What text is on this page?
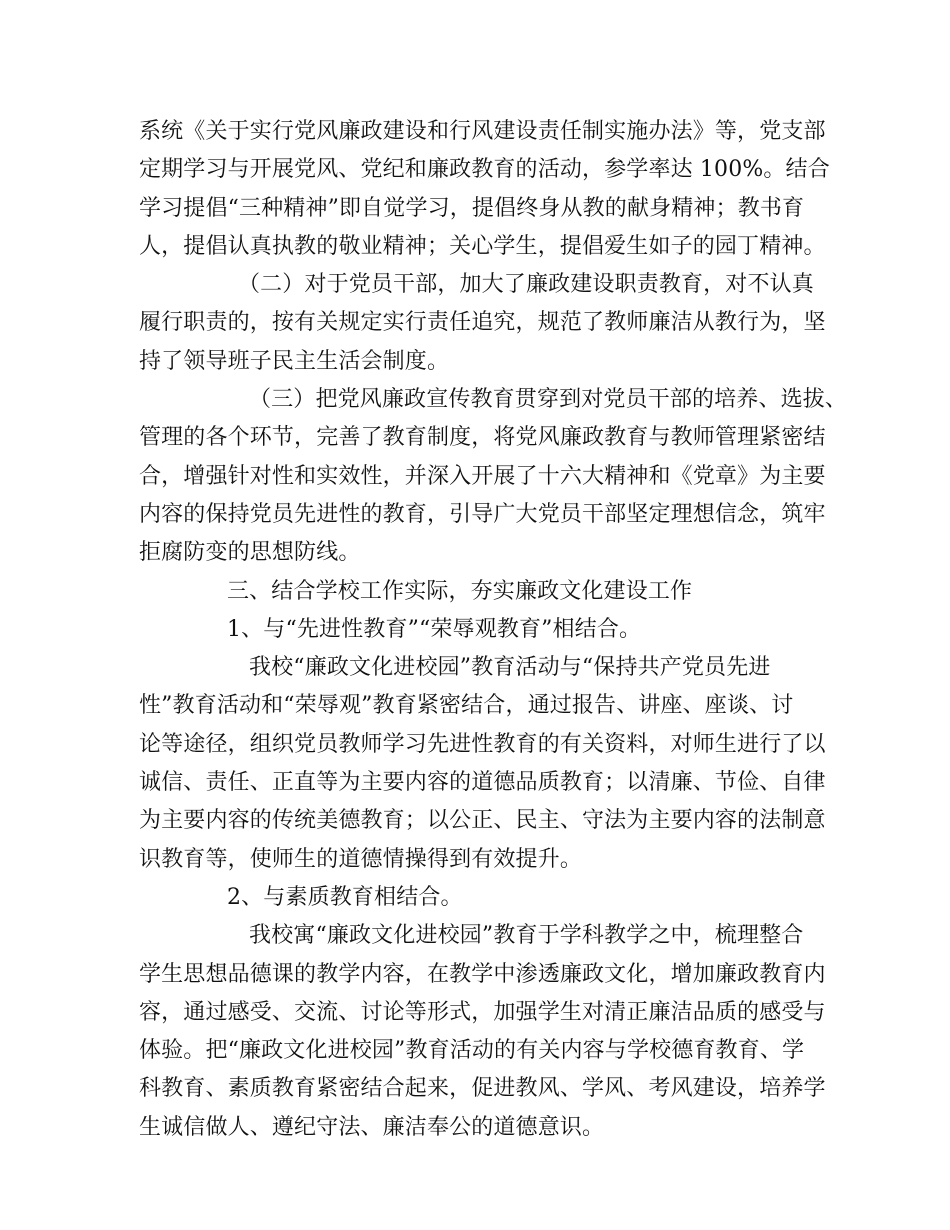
系统《关于实行党风廉政建设和行风建设责任制实施办法》等，党支部
定期学习与开展党风、党纪和廉政教育的活动，参学率达 100%。结合
学习提倡“三种精神”即自觉学习，提倡终身从教的献身精神；教书育
人，提倡认真执教的敬业精神；关心学生，提倡爱生如子的园丁精神。
（二）对于党员干部，加大了廉政建设职责教育，对不认真
履行职责的，按有关规定实行责任追究，规范了教师廉洁从教行为，坚
持了领导班子民主生活会制度。
（三）把党风廉政宣传教育贯穿到对党员干部的培养、选拔、
管理的各个环节，完善了教育制度，将党风廉政教育与教师管理紧密结
合，增强针对性和实效性，并深入开展了十六大精神和《党章》为主要
内容的保持党员先进性的教育，引导广大党员干部坚定理想信念，筑牢
拒腐防变的思想防线。
三、结合学校工作实际，夯实廉政文化建设工作
1、与“先进性教育”“荣辱观教育”相结合。
我校“廉政文化进校园”教育活动与“保持共产党员先进
性”教育活动和“荣辱观”教育紧密结合，通过报告、讲座、座谈、讨
论等途径，组织党员教师学习先进性教育的有关资料，对师生进行了以
诚信、责任、正直等为主要内容的道德品质教育；以清廉、节俭、自律
为主要内容的传统美德教育；以公正、民主、守法为主要内容的法制意
识教育等，使师生的道德情操得到有效提升。
2、与素质教育相结合。
我校寓“廉政文化进校园”教育于学科教学之中，梳理整合
学生思想品德课的教学内容，在教学中渗透廉政文化，增加廉政教育内
容，通过感受、交流、讨论等形式，加强学生对清正廉洁品质的感受与
体验。把“廉政文化进校园”教育活动的有关内容与学校德育教育、学
科教育、素质教育紧密结合起来，促进教风、学风、考风建设，培养学
生诚信做人、遵纪守法、廉洁奉公的道德意识。
